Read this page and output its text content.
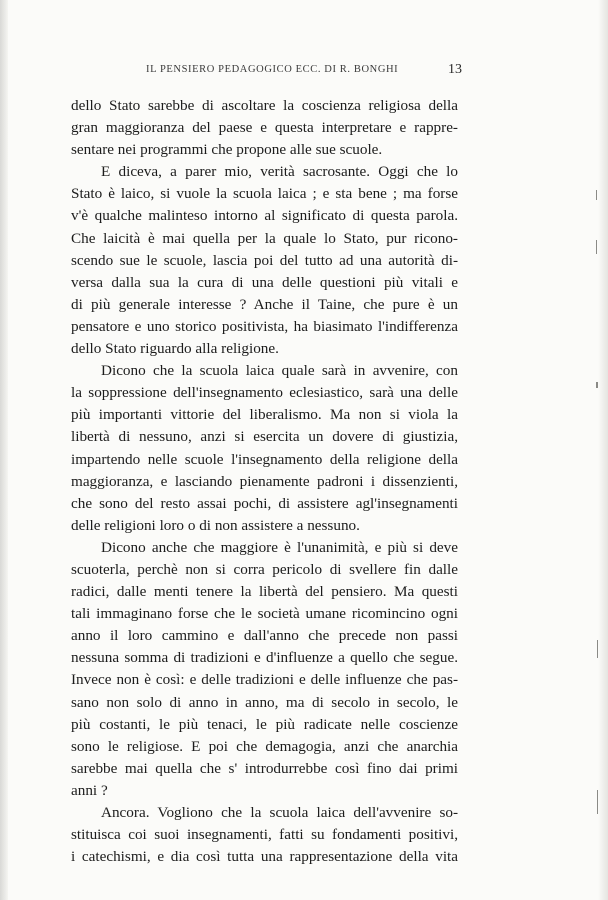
IL PENSIERO PEDAGOGICO ECC. DI R. BONGHI	13
dello Stato sarebbe di ascoltare la coscienza religiosa della
gran maggioranza del paese e questa interpretare e rappre-
sentare nei programmi che propone alle sue scuole.
E diceva, a parer mio, verità sacrosante. Oggi che lo
Stato è laico, si vuole la scuola laica ; e sta bene ; ma forse
v'è qualche malinteso intorno al significato di questa parola.
Che laicità è mai quella per la quale lo Stato, pur ricono-
scendo sue le scuole, lascia poi del tutto ad una autorità di-
versa dalla sua la cura di una delle questioni più vitali e
di più generale interesse ? Anche il Taine, che pure è un
pensatore e uno storico positivista, ha biasimato l'indifferenza
dello Stato riguardo alla religione.
Dicono che la scuola laica quale sarà in avvenire, con
la soppressione dell'insegnamento eclesiastico, sarà una delle
più importanti vittorie del liberalismo. Ma non si viola la
libertà di nessuno, anzi si esercita un dovere di giustizia,
impartendo nelle scuole l'insegnamento della religione della
maggioranza, e lasciando pienamente padroni i dissenzienti,
che sono del resto assai pochi, di assistere agl'insegnamenti
delle religioni loro o di non assistere a nessuno.
Dicono anche che maggiore è l'unanimità, e più si deve
scuoterla, perchè non si corra pericolo di svellere fin dalle
radici, dalle menti tenere la libertà del pensiero. Ma questi
tali immaginano forse che le società umane ricomincino ogni
anno il loro cammino e dall'anno che precede non passi
nessuna somma di tradizioni e d'influenze a quello che segue.
Invece non è così: e delle tradizioni e delle influenze che pas-
sano non solo di anno in anno, ma di secolo in secolo, le
più costanti, le più tenaci, le più radicate nelle coscienze
sono le religiose. E poi che demagogia, anzi che anarchia
sarebbe mai quella che s' introdurrebbe così fino dai primi
anni ?
Ancora. Vogliono che la scuola laica dell'avvenire so-
stituisca coi suoi insegnamenti, fatti su fondamenti positivi,
i catechismi, e dia così tutta una rappresentazione della vita
